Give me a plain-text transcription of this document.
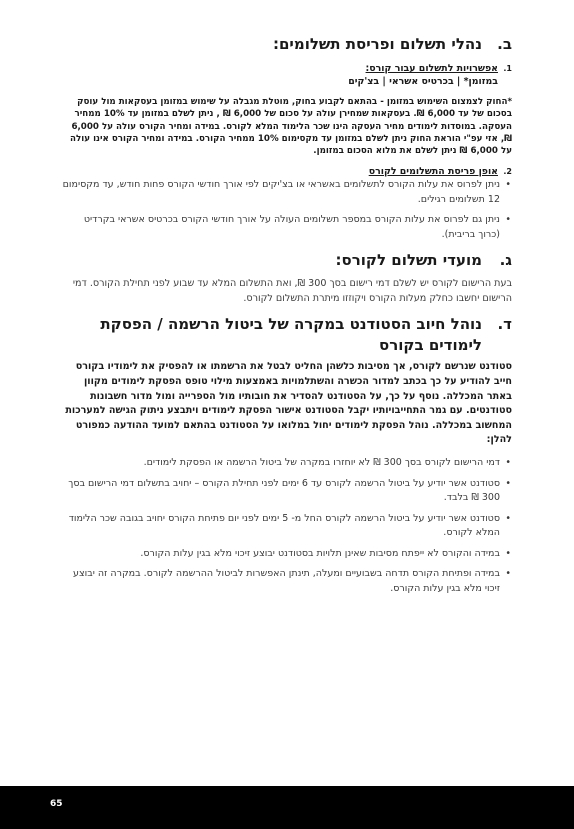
ב.
נהלי תשלום ופריסת תשלומים:
1.
אפשרויות לתשלום עבור קורס:
במזומן* | בכרטיס אשראי | בצ'קים
*החוק לצמצום השימוש במזומן - בהתאם לקבוע בחוק, מוטלת מגבלה על שימוש במזומן בעסקאות מול עוסק בסכום של עד 6,000 ₪. בעסקאות שמחירן עולה על סכום של 6,000 ₪ , ניתן לשלם במזומן עד 10% ממחיר העסקה. במוסדות לימודים מחיר העסקה הינו שכר הלימוד המלא לקורס. במידה ומחיר הקורס עולה על 6,000 ₪, אזי עפ"י הוראת החוק ניתן לשלם במזומן עד מקסימום 10% ממחיר הקורס. במידה ומחיר הקורס אינו עולה על 6,000 ₪ ניתן לשלם את מלוא הסכום במזומן.
2.
אופן פריסת התשלומים לקורס
• ניתן לפרוס את עלות הקורס לתשלומים באשראי או בצ'יקים לפי אורך חודשי הקורס פחות חודש, עד מקסימום 12 תשלומים רגילים.
• ניתן גם לפרוס את עלות הקורס במספר תשלומים העולה על אורך חודשי הקורס בכרטיס אשראי בקרדיט (כרוך בריבית).
ג.
מועדי תשלום לקורס:
בעת הרישום לקורס יש לשלם דמי רישום בסך 300 ₪, ואת התשלום המלא עד שבוע לפני תחילת הקורס. דמי הרישום יחשבו כחלק מעלות הקורס ויקוזזו מיתרת התשלום לקורס.
ד.
נוהל חיוב הסטודנט במקרה של ביטול הרשמה / הפסקת לימודים בקורס
סטודנט שנרשם לקורס, אך מסיבות כלשהן החליט לבטל את הרשמתו או להפסיק את לימודיו בקורס חייב להודיע על כך בכתב למדור הכשרה והשתלמויות באמצעות מילוי טופס הפסקת לימודים מקוון באתר המכללה. נוסף על כך, על הסטודנט להסדיר את חובותיו מול הספרייה ומול מדור חשבונות סטודנטים. עם גמר התחייבויותיו יקבל הסטודנט אישור הפסקת לימודים ויתבצע ניתוק הגישה למערכות המחשוב במכללה. נוהל הפסקת לימודים יחול במלואו על הסטודנט בהתאם למועד ההודעה כמפורט להלן:
• דמי הרישום לקורס בסך 300 ₪ לא יוחזרו במקרה של ביטול הרשמה או הפסקת לימודים.
• סטודנט אשר יודיע על ביטול הרשמה לקורס עד 6 ימים לפני תחילת הקורס – יחויב בתשלום דמי הרישום בסך 300 ₪ בלבד.
• סטודנט אשר יודיע על ביטול הרשמה לקורס החל מ- 5 ימים לפני יום פתיחת הקורס יחויב בגובה שכר הלימוד המלא לקורס.
• במידה והקורס לא ייפתח מסיבות שאינן תלויות בסטודנט יבוצע זיכוי מלא בגין עלות הקורס.
• במידה ופתיחת הקורס תדחה בשבועיים ומעלה, תינתן האפשרות לביטול ההרשמה לקורס. במקרה זה יבוצע זיכוי מלא בגין עלות הקורס.
65
